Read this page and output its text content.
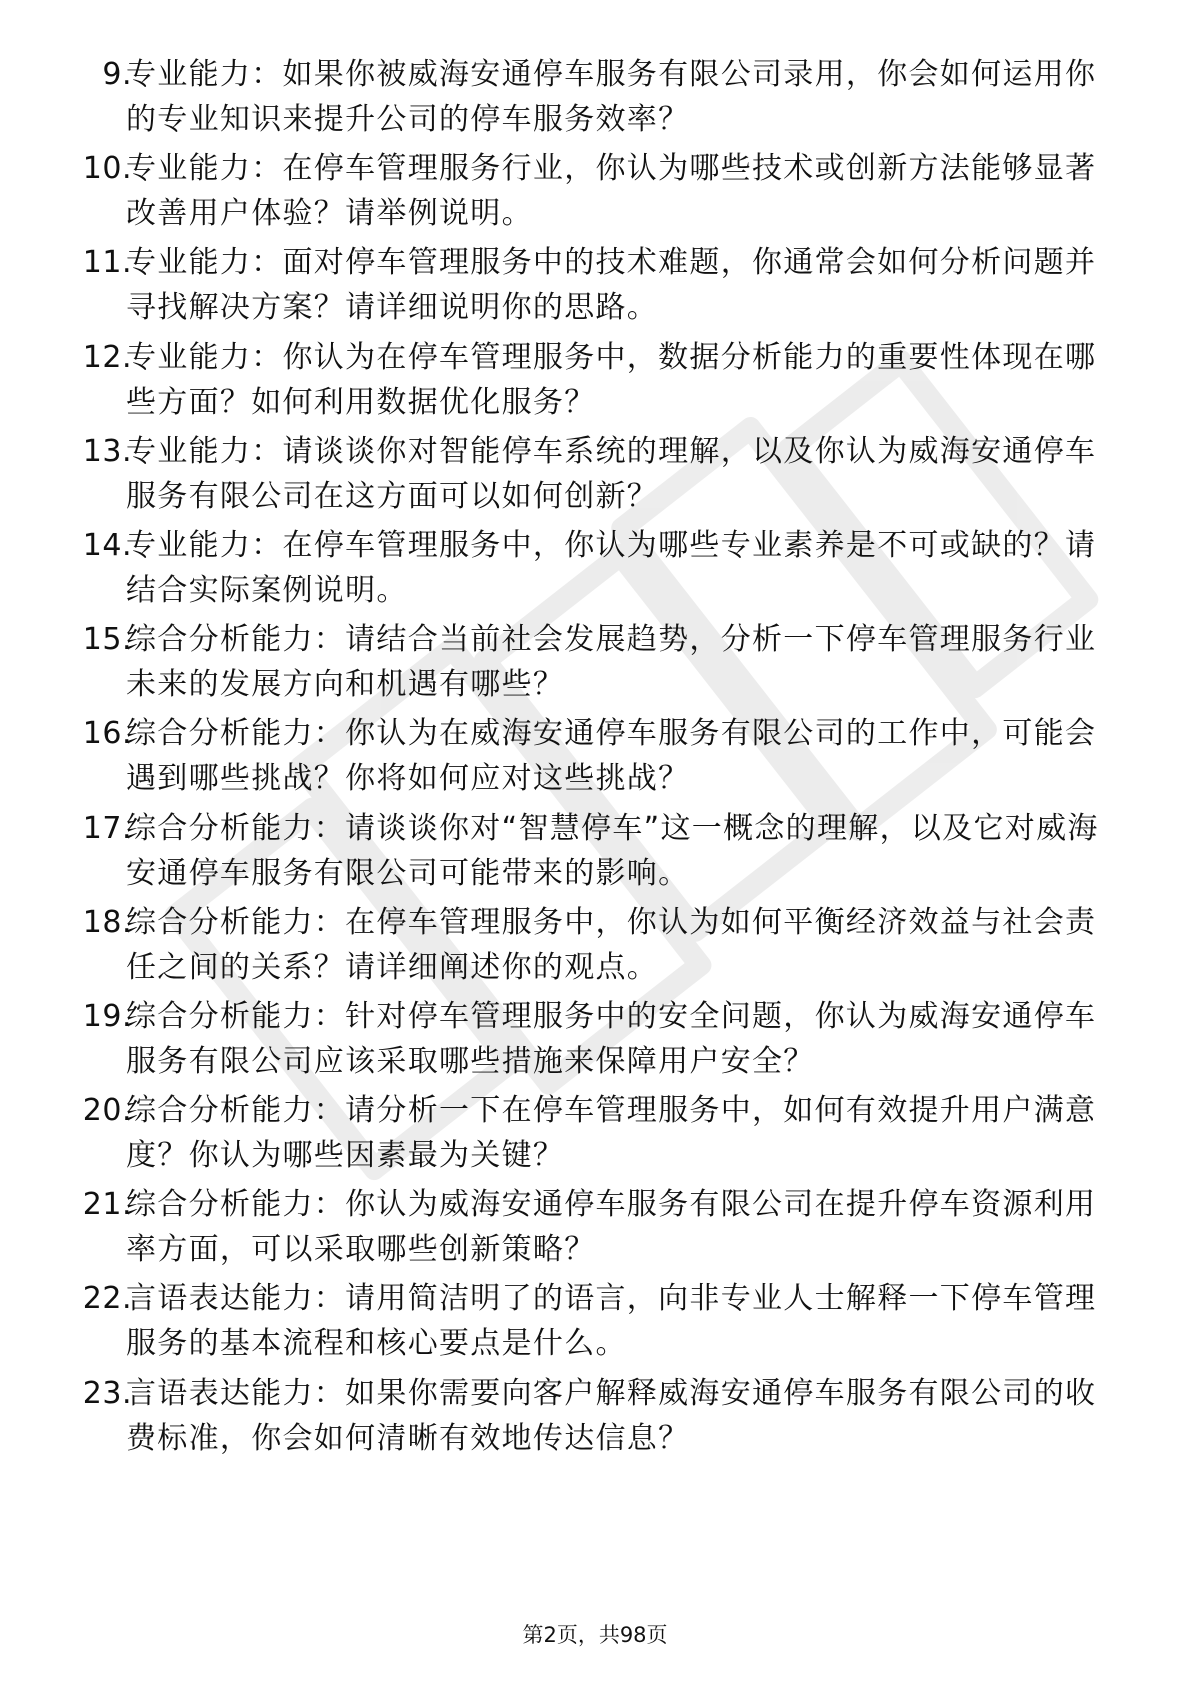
9.
专业能力：如果你被威海安通停车服务有限公司录用，你会如何运用你的专业知识来提升公司的停车服务效率？
10.
专业能力：在停车管理服务行业，你认为哪些技术或创新方法能够显著改善用户体验？请举例说明。
11.
专业能力：面对停车管理服务中的技术难题，你通常会如何分析问题并寻找解决方案？请详细说明你的思路。
12.
专业能力：你认为在停车管理服务中，数据分析能力的重要性体现在哪些方面？如何利用数据优化服务？
13.
专业能力：请谈谈你对智能停车系统的理解，以及你认为威海安通停车服务有限公司在这方面可以如何创新？
14.
专业能力：在停车管理服务中，你认为哪些专业素养是不可或缺的？请结合实际案例说明。
15.
综合分析能力：请结合当前社会发展趋势，分析一下停车管理服务行业未来的发展方向和机遇有哪些？
16.
综合分析能力：你认为在威海安通停车服务有限公司的工作中，可能会遇到哪些挑战？你将如何应对这些挑战？
17.
综合分析能力：请谈谈你对“智慧停车”这一概念的理解，以及它对威海安通停车服务有限公司可能带来的影响。
18.
综合分析能力：在停车管理服务中，你认为如何平衡经济效益与社会责任之间的关系？请详细阐述你的观点。
19.
综合分析能力：针对停车管理服务中的安全问题，你认为威海安通停车服务有限公司应该采取哪些措施来保障用户安全？
20.
综合分析能力：请分析一下在停车管理服务中，如何有效提升用户满意度？你认为哪些因素最为关键？
21.
综合分析能力：你认为威海安通停车服务有限公司在提升停车资源利用率方面，可以采取哪些创新策略？
22.
言语表达能力：请用简洁明了的语言，向非专业人士解释一下停车管理服务的基本流程和核心要点是什么。
23.
言语表达能力：如果你需要向客户解释威海安通停车服务有限公司的收费标准，你会如何清晰有效地传达信息？
第2页，共98页
